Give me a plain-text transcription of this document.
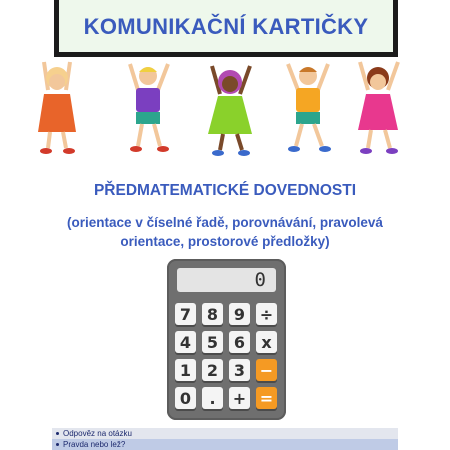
KOMUNIKAČNÍ KARTIČKY
PŘEDMATEMATICKÉ DOVEDNOSTI
(orientace v číselné řadě, porovnávání, pravolevá
orientace, prostorové předložky)
0
7 8 9 ÷
4 5 6	x
1 2 3 −
0	.	+ =
Odpověz na otázku
Pravda nebo lež?
